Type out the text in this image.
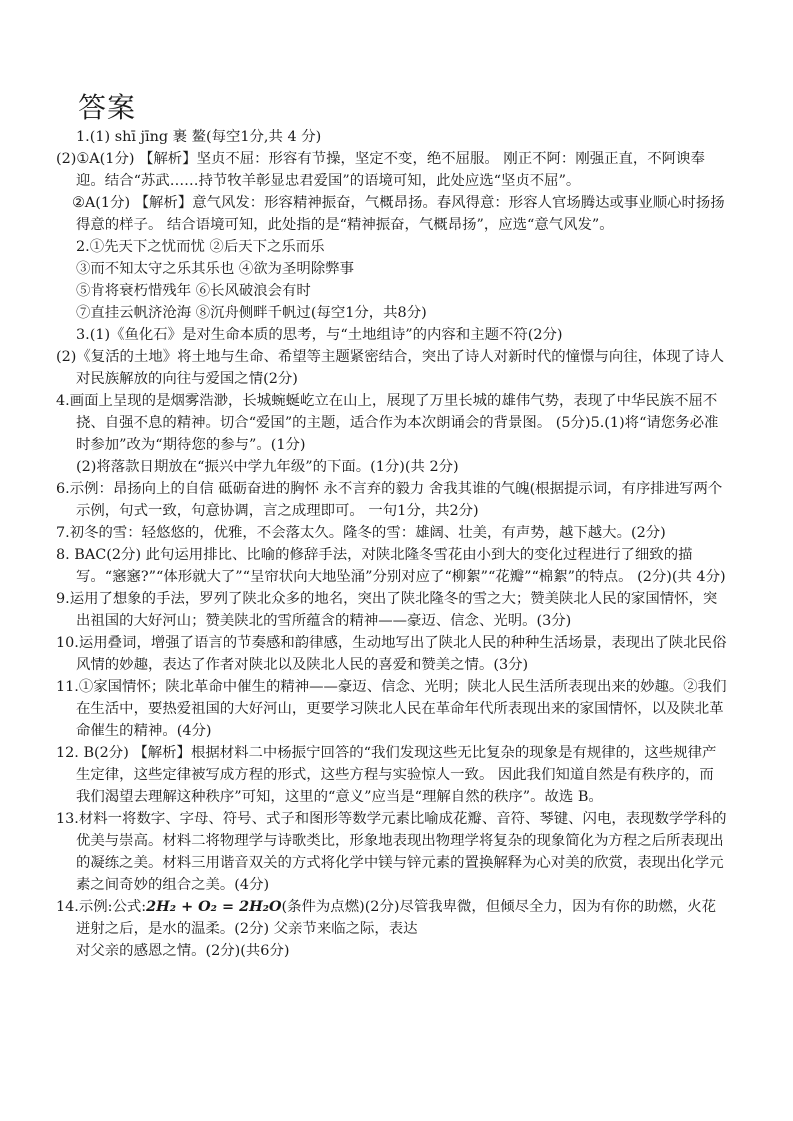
答案

1.(1) shī jīng 裹 鳌(每空1分,共 4 分)

(2)①A(1分) 【解析】坚贞不屈：形容有节操，坚定不变，绝不屈服。 刚正不阿：刚强正直，不阿谀奉迎。结合“苏武……持节牧羊彰显忠君爱国”的语境可知，此处应选“坚贞不屈”。

②A(1分) 【解析】意气风发：形容精神振奋，气概昂扬。春风得意：形容人官场腾达或事业顺心时扬扬得意的样子。 结合语境可知，此处指的是“精神振奋，气概昂扬”，应选“意气风发”。

2.①先天下之忧而忧 ②后天下之乐而乐

③而不知太守之乐其乐也 ④欲为圣明除弊事

⑤肯将衰朽惜残年 ⑥长风破浪会有时

⑦直挂云帆济沧海 ⑧沉舟侧畔千帆过(每空1分，共8分)

3.(1)《鱼化石》是对生命本质的思考，与“土地组诗”的内容和主题不符(2分)

(2)《复活的土地》将土地与生命、希望等主题紧密结合，突出了诗人对新时代的憧憬与向往，体现了诗人对民族解放的向往与爱国之情(2分)

4.画面上呈现的是烟雾浩渺，长城蜿蜒屹立在山上，展现了万里长城的雄伟气势，表现了中华民族不屈不挠、自强不息的精神。切合“爱国”的主题，适合作为本次朗诵会的背景图。 (5分)5.(1)将“请您务必准时参加”改为“期待您的参与”。(1分)

(2)将落款日期放在“振兴中学九年级”的下面。(1分)(共 2分)

6.示例：昂扬向上的自信 砥砺奋进的胸怀 永不言弃的毅力 舍我其谁的气魄(根据提示词，有序排进写两个示例，句式一致，句意协调，言之成理即可。 一句1分，共2分)

7.初冬的雪：轻悠悠的，优雅，不会落太久。隆冬的雪：雄阔、壮美，有声势，越下越大。(2分)

8. BAC(2分) 此句运用排比、比喻的修辞手法，对陕北隆冬雪花由小到大的变化过程进行了细致的描写。“窸窸?”“体形就大了”“呈帘状向大地坠涌”分别对应了“柳絮”“花瓣”“棉絮”的特点。 (2分)(共 4分)

9.运用了想象的手法，罗列了陕北众多的地名，突出了陕北隆冬的雪之大；赞美陕北人民的家国情怀，突出祖国的大好河山；赞美陕北的雪所蕴含的精神——豪迈、信念、光明。(3分)

10.运用叠词，增强了语言的节奏感和韵律感，生动地写出了陕北人民的种种生活场景，表现出了陕北民俗风情的妙趣，表达了作者对陕北以及陕北人民的喜爱和赞美之情。(3分)

11.①家国情怀；陕北革命中催生的精神——豪迈、信念、光明；陕北人民生活所表现出来的妙趣。②我们在生活中，要热爱祖国的大好河山，更要学习陕北人民在革命年代所表现出来的家国情怀，以及陕北革命催生的精神。(4分)

12. B(2分) 【解析】根据材料二中杨振宁回答的“我们发现这些无比复杂的现象是有规律的，这些规律产生定律，这些定律被写成方程的形式，这些方程与实验惊人一致。 因此我们知道自然是有秩序的，而我们渴望去理解这种秩序”可知，这里的“意义”应当是“理解自然的秩序”。故选 B。

13.材料一将数字、字母、符号、式子和图形等数学元素比喻成花瓣、音符、琴键、闪电，表现数学学科的优美与崇高。材料二将物理学与诗歌类比，形象地表现出物理学将复杂的现象简化为方程之后所表现出的凝练之美。材料三用谐音双关的方式将化学中镁与锌元素的置换解释为心对美的欣赏，表现出化学元素之间奇妙的组合之美。(4分)

14.示例:公式:2H₂ + O₂ = 2H₂O(条件为点燃)(2分)尽管我卑微，但倾尽全力，因为有你的助燃，火花迸射之后，是水的温柔。(2分) 父亲节来临之际，表达

对父亲的感恩之情。(2分)(共6分)
